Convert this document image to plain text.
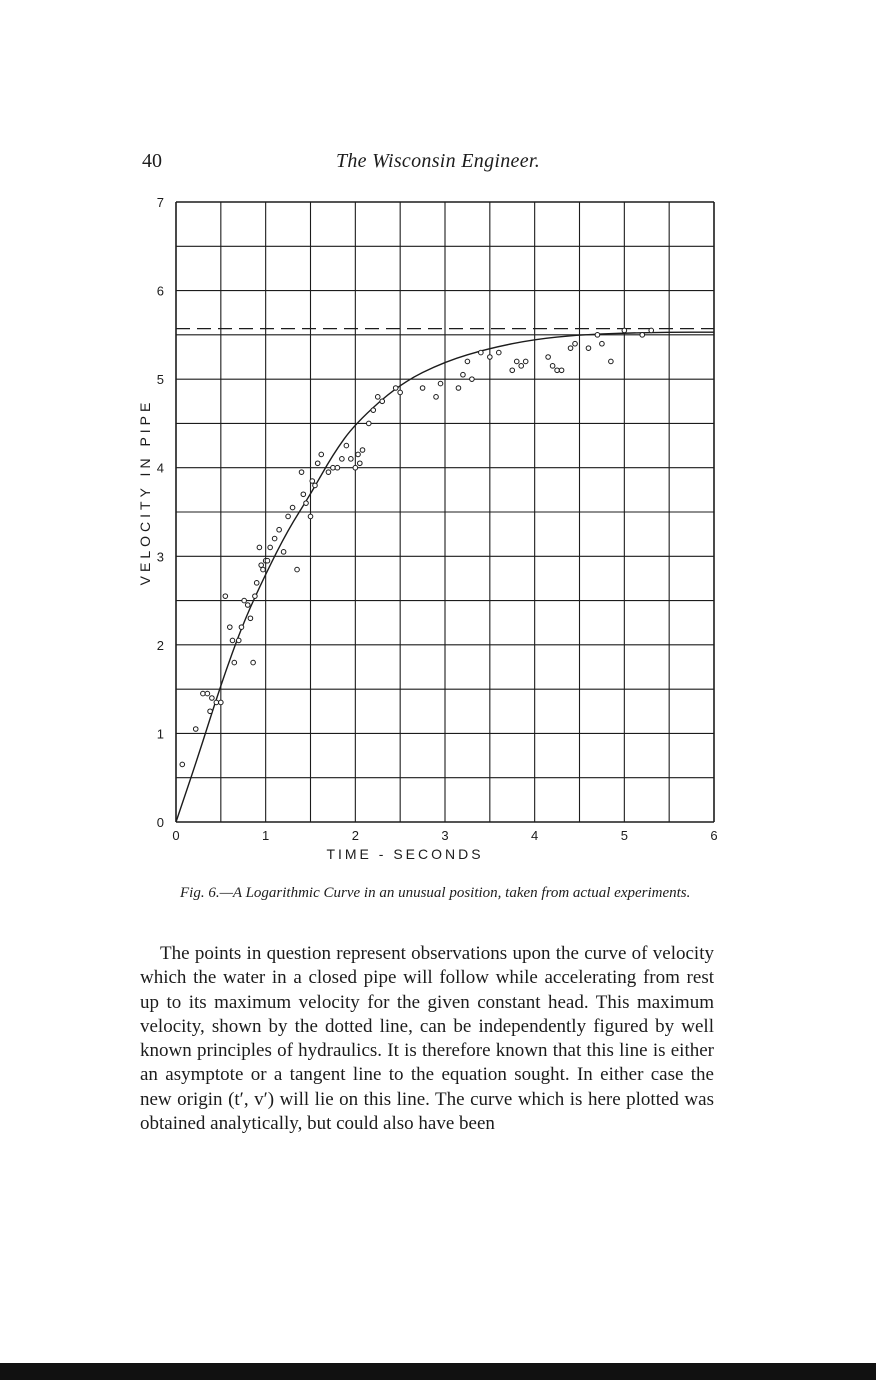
40	The Wisconsin Engineer.
0	1	2	3	4	5	6
0
1
2
3
4
5
6
7
TIME - SECONDS
VELOCITY IN PIPE
Fig. 6.—A Logarithmic Curve in an unusual position, taken from actual experiments.

The points in question represent observations upon the curve of velocity which the water in a closed pipe will follow while accelerating from rest up to its maximum velocity for the given constant head. This maximum velocity, shown by the dotted line, can be independently figured by well known principles of hydraulics. It is therefore known that this line is either an asymptote or a tangent line to the equation sought. In either case the new origin (t′, v′) will lie on this line. The curve which is here plotted was obtained analytically, but could also have been
